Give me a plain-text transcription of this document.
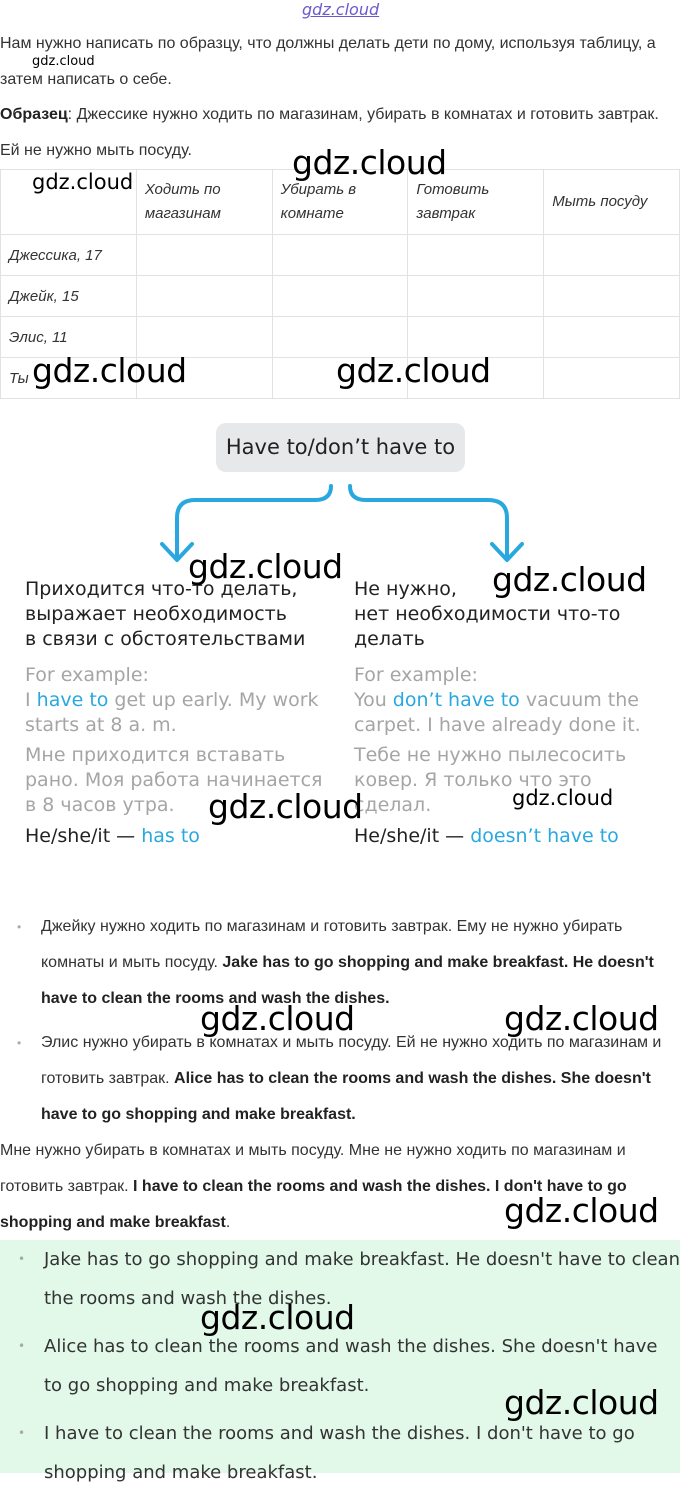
gdz.cloud
Нам нужно написать по образцу, что должны делать дети по дому, используя таблицу, а затем написать о себе.
Образец: Джессике нужно ходить по магазинам, убирать в комнатах и готовить завтрак. Ей не нужно мыть посуду.
	Ходить по магазинам	Убирать в комнате	Готовить завтрак	Мыть посуду
Джессика, 17				
Джейк, 15				
Элис, 11				
Ты				
Have to/don’t have to
Приходится что-то делать,
выражает необходимость
в связи с обстоятельствами
For example:
I have to get up early. My work starts at 8 a. m.
Мне приходится вставать рано. Моя работа начинается в 8 часов утра.
He/she/it — has to
Не нужно,
нет необходимости что-то
делать
For example:
You don’t have to vacuum the carpet. I have already done it.
Тебе не нужно пылесосить ковер. Я только что это сделал.
He/she/it — doesn’t have to
• Джейку нужно ходить по магазинам и готовить завтрак. Ему не нужно убирать комнаты и мыть посуду. Jake has to go shopping and make breakfast. He doesn't have to clean the rooms and wash the dishes.
• Элис нужно убирать в комнатах и мыть посуду. Ей не нужно ходить по магазинам и готовить завтрак. Alice has to clean the rooms and wash the dishes. She doesn't have to go shopping and make breakfast.
Мне нужно убирать в комнатах и мыть посуду. Мне не нужно ходить по магазинам и готовить завтрак. I have to clean the rooms and wash the dishes. I don't have to go shopping and make breakfast.
• Jake has to go shopping and make breakfast. He doesn't have to clean the rooms and wash the dishes.
• Alice has to clean the rooms and wash the dishes. She doesn't have to go shopping and make breakfast.
• I have to clean the rooms and wash the dishes. I don't have to go shopping and make breakfast.
gdz.cloud
gdz.cloud
gdz.cloud
gdz.cloud	gdz.cloud
gdz.cloud	gdz.cloud
gdz.cloud	gdz.cloud
gdz.cloud	gdz.cloud
gdz.cloud
gdz.cloud
gdz.cloud
